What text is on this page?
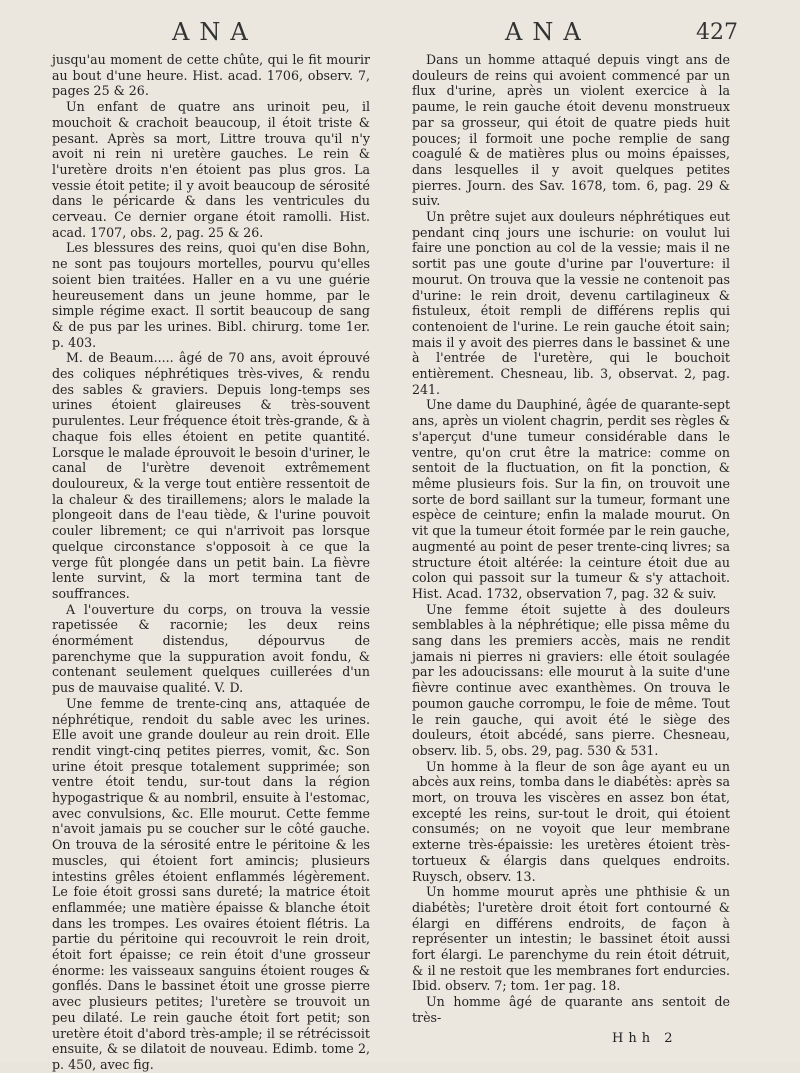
ANA	ANA	427

jusqu'au moment de cette chûte, qui le fit mourir au bout d'une heure. Hist. acad. 1706, observ. 7, pages 25 & 26.

Un enfant de quatre ans urinoit peu, il mouchoit & crachoit beaucoup, il étoit triste & pesant. Après sa mort, Littre trouva qu'il n'y avoit ni rein ni uretère gauches. Le rein & l'uretère droits n'en étoient pas plus gros. La vessie étoit petite; il y avoit beaucoup de sérosité dans le péricarde & dans les ventricules du cerveau. Ce dernier organe étoit ramolli. Hist. acad. 1707, obs. 2, pag. 25 & 26.

Les blessures des reins, quoi qu'en dise Bohn, ne sont pas toujours mortelles, pourvu qu'elles soient bien traitées. Haller en a vu une guérie heureusement dans un jeune homme, par le simple régime exact. Il sortit beaucoup de sang & de pus par les urines. Bibl. chirurg. tome 1er. p. 403.

M. de Beaum..... âgé de 70 ans, avoit éprouvé des coliques néphrétiques très-vives, & rendu des sables & graviers. Depuis long-temps ses urines étoient glaireuses & très-souvent purulentes. Leur fréquence étoit très-grande, & à chaque fois elles étoient en petite quantité. Lorsque le malade éprouvoit le besoin d'uriner, le canal de l'urètre devenoit extrêmement douloureux, & la verge tout entière ressentoit de la chaleur & des tiraillemens; alors le malade la plongeoit dans de l'eau tiède, & l'urine pouvoit couler librement; ce qui n'arrivoit pas lorsque quelque circonstance s'opposoit à ce que la verge fût plongée dans un petit bain. La fièvre lente survint, & la mort termina tant de souffrances.

A l'ouverture du corps, on trouva la vessie rapetissée & racornie; les deux reins énormément distendus, dépourvus de parenchyme que la suppuration avoit fondu, & contenant seulement quelques cuillerées d'un pus de mauvaise qualité. V. D.

Une femme de trente-cinq ans, attaquée de néphrétique, rendoit du sable avec les urines. Elle avoit une grande douleur au rein droit. Elle rendit vingt-cinq petites pierres, vomit, &c. Son urine étoit presque totalement supprimée; son ventre étoit tendu, sur-tout dans la région hypogastrique & au nombril, ensuite à l'estomac, avec convulsions, &c. Elle mourut. Cette femme n'avoit jamais pu se coucher sur le côté gauche. On trouva de la sérosité entre le péritoine & les muscles, qui étoient fort amincis; plusieurs intestins grêles étoient enflammés légèrement. Le foie étoit grossi sans dureté; la matrice étoit enflammée; une matière épaisse & blanche étoit dans les trompes. Les ovaires étoient flétris. La partie du péritoine qui recouvroit le rein droit, étoit fort épaisse; ce rein étoit d'une grosseur énorme: les vaisseaux sanguins étoient rouges & gonflés. Dans le bassinet étoit une grosse pierre avec plusieurs petites; l'uretère se trouvoit un peu dilaté. Le rein gauche étoit fort petit; son uretère étoit d'abord très-ample; il se rétrécissoit ensuite, & se dilatoit de nouveau. Edimb. tome 2, p. 450, avec fig.

Dans un homme attaqué depuis vingt ans de douleurs de reins qui avoient commencé par un flux d'urine, après un violent exercice à la paume, le rein gauche étoit devenu monstrueux par sa grosseur, qui étoit de quatre pieds huit pouces; il formoit une poche remplie de sang coagulé & de matières plus ou moins épaisses, dans lesquelles il y avoit quelques petites pierres. Journ. des Sav. 1678, tom. 6, pag. 29 & suiv.

Un prêtre sujet aux douleurs néphrétiques eut pendant cinq jours une ischurie: on voulut lui faire une ponction au col de la vessie; mais il ne sortit pas une goute d'urine par l'ouverture: il mourut. On trouva que la vessie ne contenoit pas d'urine: le rein droit, devenu cartilagineux & fistuleux, étoit rempli de différens replis qui contenoient de l'urine. Le rein gauche étoit sain; mais il y avoit des pierres dans le bassinet & une à l'entrée de l'uretère, qui le bouchoit entièrement. Chesneau, lib. 3, observat. 2, pag. 241.

Une dame du Dauphiné, âgée de quarante-sept ans, après un violent chagrin, perdit ses règles & s'aperçut d'une tumeur considérable dans le ventre, qu'on crut être la matrice: comme on sentoit de la fluctuation, on fit la ponction, & même plusieurs fois. Sur la fin, on trouvoit une sorte de bord saillant sur la tumeur, formant une espèce de ceinture; enfin la malade mourut. On vit que la tumeur étoit formée par le rein gauche, augmenté au point de peser trente-cinq livres; sa structure étoit altérée: la ceinture étoit due au colon qui passoit sur la tumeur & s'y attachoit. Hist. Acad. 1732, observation 7, pag. 32 & suiv.

Une femme étoit sujette à des douleurs semblables à la néphrétique; elle pissa même du sang dans les premiers accès, mais ne rendit jamais ni pierres ni graviers: elle étoit soulagée par les adoucissans: elle mourut à la suite d'une fièvre continue avec exanthèmes. On trouva le poumon gauche corrompu, le foie de même. Tout le rein gauche, qui avoit été le siège des douleurs, étoit abcédé, sans pierre. Chesneau, observ. lib. 5, obs. 29, pag. 530 & 531.

Un homme à la fleur de son âge ayant eu un abcès aux reins, tomba dans le diabétès: après sa mort, on trouva les viscères en assez bon état, excepté les reins, sur-tout le droit, qui étoient consumés; on ne voyoit que leur membrane externe très-épaissie: les uretères étoient très-tortueux & élargis dans quelques endroits. Ruysch, observ. 13.

Un homme mourut après une phthisie & un diabétès; l'uretère droit étoit fort contourné & élargi en différens endroits, de façon à représenter un intestin; le bassinet étoit aussi fort élargi. Le parenchyme du rein étoit détruit, & il ne restoit que les membranes fort endurcies. Ibid. observ. 7; tom. 1er pag. 18.

Un homme âgé de quarante ans sentoit de très-

Hhh 2
